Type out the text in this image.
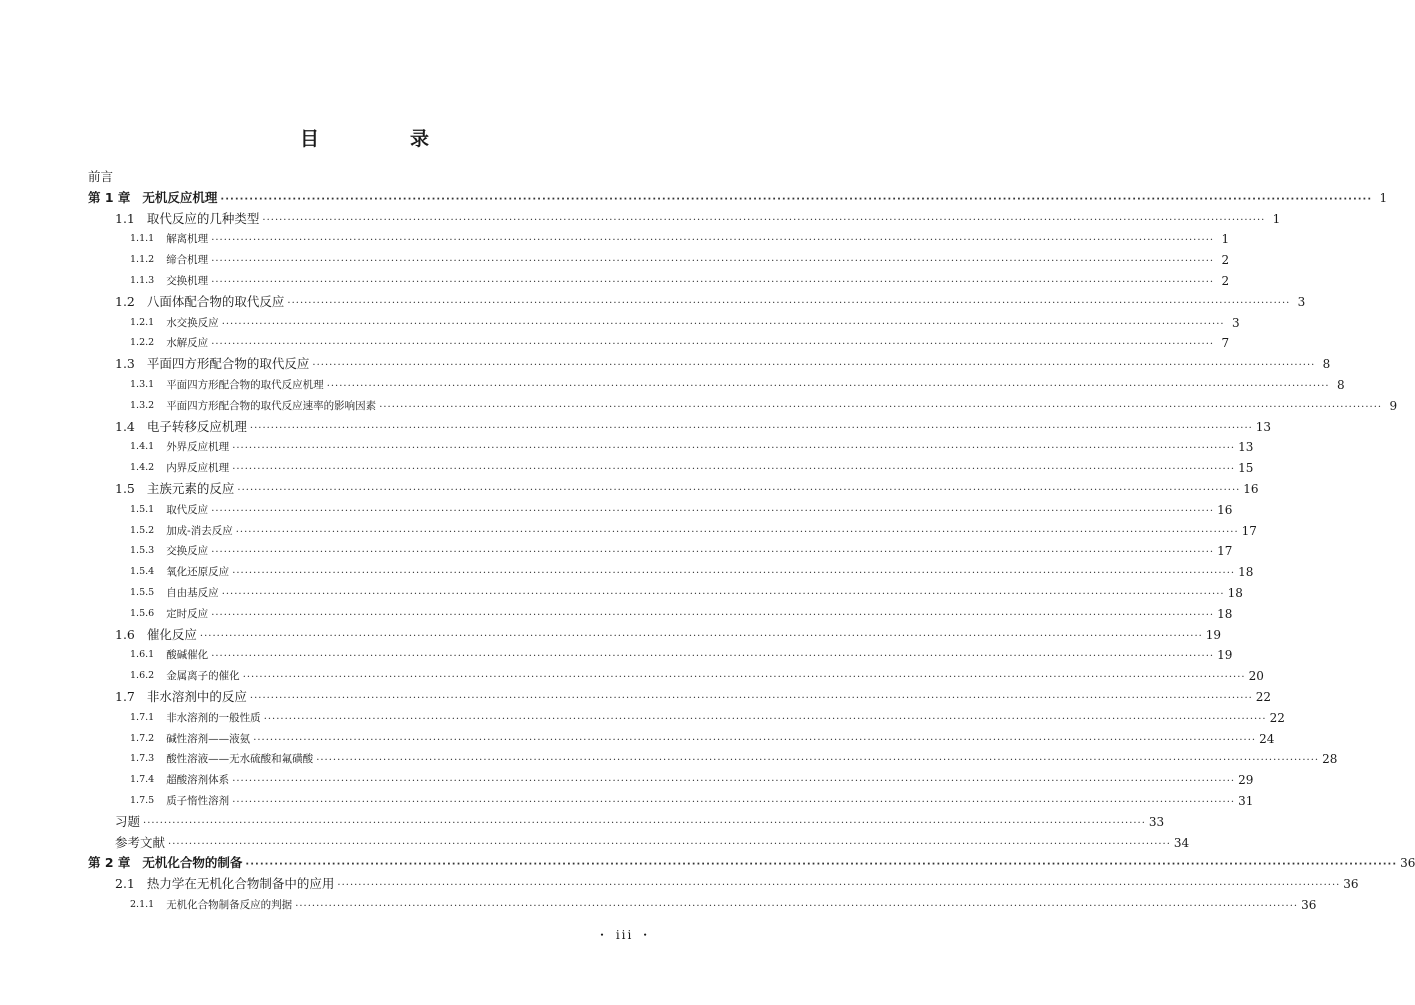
目　录
前言
第 1 章 无机反应机理 ················································································································································································································································ 1
1.1 取代反应的几种类型 ················································································································································································································································ 1
1.1.1 解离机理 ················································································································································································································································ 1
1.1.2 缔合机理 ················································································································································································································································ 2
1.1.3 交换机理 ················································································································································································································································ 2
1.2 八面体配合物的取代反应 ················································································································································································································································ 3
1.2.1 水交换反应 ················································································································································································································································ 3
1.2.2 水解反应 ················································································································································································································································ 7
1.3 平面四方形配合物的取代反应 ················································································································································································································································ 8
1.3.1 平面四方形配合物的取代反应机理 ················································································································································································································································ 8
1.3.2 平面四方形配合物的取代反应速率的影响因素 ················································································································································································································································ 9
1.4 电子转移反应机理 ················································································································································································································································ 13
1.4.1 外界反应机理 ················································································································································································································································ 13
1.4.2 内界反应机理 ················································································································································································································································ 15
1.5 主族元素的反应 ················································································································································································································································ 16
1.5.1 取代反应 ················································································································································································································································ 16
1.5.2 加成-消去反应 ················································································································································································································································ 17
1.5.3 交换反应 ················································································································································································································································ 17
1.5.4 氧化还原反应 ················································································································································································································································ 18
1.5.5 自由基反应 ················································································································································································································································ 18
1.5.6 定时反应 ················································································································································································································································ 18
1.6 催化反应 ················································································································································································································································ 19
1.6.1 酸碱催化 ················································································································································································································································ 19
1.6.2 金属离子的催化 ················································································································································································································································ 20
1.7 非水溶剂中的反应 ················································································································································································································································ 22
1.7.1 非水溶剂的一般性质 ················································································································································································································································ 22
1.7.2 碱性溶剂——液氨 ················································································································································································································································ 24
1.7.3 酸性溶液——无水硫酸和氟磺酸 ················································································································································································································································ 28
1.7.4 超酸溶剂体系 ················································································································································································································································ 29
1.7.5 质子惰性溶剂 ················································································································································································································································ 31
习题 ················································································································································································································································ 33
参考文献 ················································································································································································································································ 34
第 2 章 无机化合物的制备 ················································································································································································································································ 36
2.1 热力学在无机化合物制备中的应用 ················································································································································································································································ 36
2.1.1 无机化合物制备反应的判据 ················································································································································································································································ 36
・ iii ・
